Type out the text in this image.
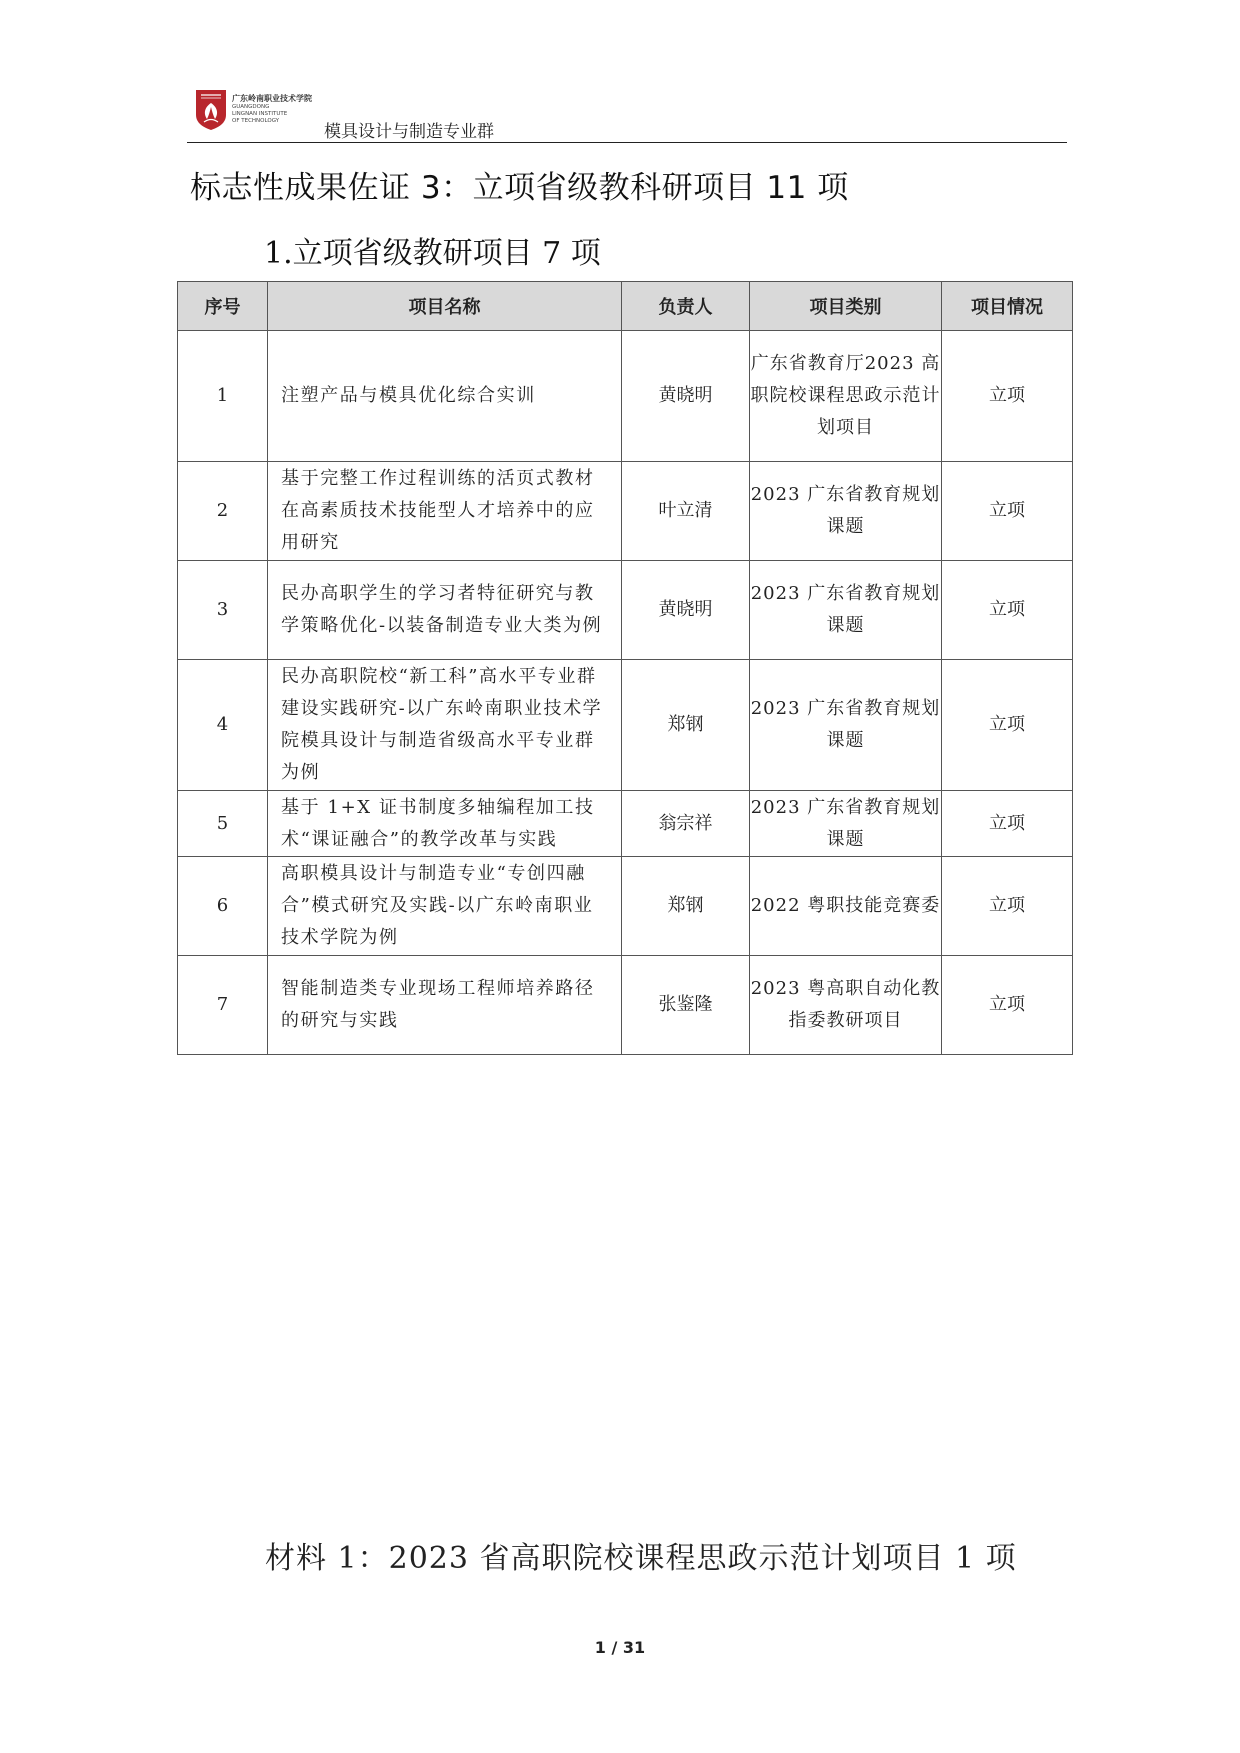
广东岭南职业技术学院
GUANGDONG LINGNAN INSTITUTE OF TECHNOLOGY
模具设计与制造专业群
标志性成果佐证 3：立项省级教科研项目 11 项
1.立项省级教研项目 7 项
序号	项目名称	负责人	项目类别	项目情况
1	注塑产品与模具优化综合实训	黄晓明	广东省教育厅2023 高职院校课程思政示范计划项目	立项
2	基于完整工作过程训练的活页式教材在高素质技术技能型人才培养中的应用研究	叶立清	2023 广东省教育规划课题	立项
3	民办高职学生的学习者特征研究与教学策略优化-以装备制造专业大类为例	黄晓明	2023 广东省教育规划课题	立项
4	民办高职院校“新工科”高水平专业群建设实践研究-以广东岭南职业技术学院模具设计与制造省级高水平专业群为例	郑钢	2023 广东省教育规划课题	立项
5	基于 1+X 证书制度多轴编程加工技术“课证融合”的教学改革与实践	翁宗祥	2023 广东省教育规划课题	立项
6	高职模具设计与制造专业“专创四融合”模式研究及实践-以广东岭南职业技术学院为例	郑钢	2022 粤职技能竞赛委	立项
7	智能制造类专业现场工程师培养路径的研究与实践	张鉴隆	2023 粤高职自动化教指委教研项目	立项
材料 1：2023 省高职院校课程思政示范计划项目 1 项
1 / 31
